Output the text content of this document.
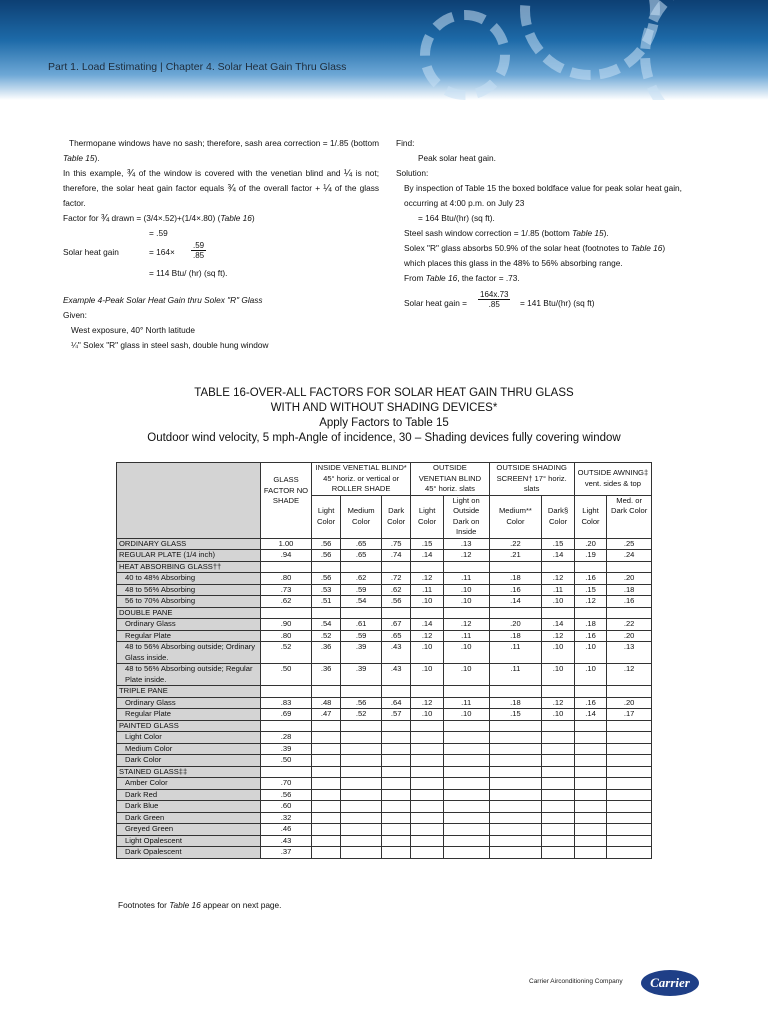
Part 1. Load Estimating | Chapter 4. Solar Heat Gain Thru Glass

Thermopane windows have no sash; therefore, sash area correction = 1/.85 (bottom Table 15).

In this example, ¾ of the window is covered with the venetian blind and ¼ is not; therefore, the solar heat gain factor equals ¾ of the overall factor + ¼ of the glass factor.

Factor for ¾ drawn = (3/4×.52)+(1/4×.80) (Table 16)

= .59

Solar heat gain	= $164\times \frac{.59}{.85}$

= 114 Btu/ (hr) (sq ft).

Example 4-Peak Solar Heat Gain thru Solex "R" Glass

Given:

West exposure, 40° North latitude

¼" Solex "R" glass in steel sash, double hung window

Find:

Peak solar heat gain.

Solution:

By inspection of Table 15 the boxed boldface value for peak solar heat gain, occurring at 4:00 p.m. on July 23

= 164 Btu/(hr) (sq ft).

Steel sash window correction = 1/.85 (bottom Table 15).

Solex "R" glass absorbs 50.9% of the solar heat (footnotes to Table 16) which places this glass in the 48% to 56% absorbing range.

From Table 16, the factor = .73.

Solar heat gain = $\frac{164x.73}{.85} = 141$ Btu/(hr) (sq ft)

TABLE 16-OVER-ALL FACTORS FOR SOLAR HEAT GAIN THRU GLASS
WITH AND WITHOUT SHADING DEVICES*
Apply Factors to Table 15
Outdoor wind velocity, 5 mph-Angle of incidence, 30 – Shading devices fully covering window
	GLASS FACTOR NO SHADE	INSIDE VENETIAL BLIND* 45° horiz. or vertical or ROLLER SHADE			OUTSIDE VENETIAN BLIND 45° horiz. slats		OUTSIDE SHADING SCREEN† 17° horiz. slats		OUTSIDE AWNING‡ vent. sides & top	
		Light Color	Medium Color	Dark Color	Light Color	Light on Outside Dark on Inside	Medium** Color	Dark§ Color	Light Color	Med. or Dark Color
ORDINARY GLASS	1.00	.56	.65	.75	.15	.13	.22	.15	.20	.25
REGULAR PLATE (1/4 inch)	.94	.56	.65	.74	.14	.12	.21	.14	.19	.24
HEAT ABSORBING GLASS††										
40 to 48% Absorbing	.80	.56	.62	.72	.12	.11	.18	.12	.16	.20
48 to 56% Absorbing	.73	.53	.59	.62	.11	.10	.16	.11	.15	.18
56 to 70% Absorbing	.62	.51	.54	.56	.10	.10	.14	.10	.12	.16
DOUBLE PANE										
Ordinary Glass	.90	.54	.61	.67	.14	.12	.20	.14	.18	.22
Regular Plate	.80	.52	.59	.65	.12	.11	.18	.12	.16	.20
48 to 56% Absorbing outside; Ordinary Glass inside.	.52	.36	.39	.43	.10	.10	.11	.10	.10	.13
48 to 56% Absorbing outside; Regular Plate inside.	.50	.36	.39	.43	.10	.10	.11	.10	.10	.12
TRIPLE PANE										
Ordinary Glass	.83	.48	.56	.64	.12	.11	.18	.12	.16	.20
Regular Plate	.69	.47	.52	.57	.10	.10	.15	.10	.14	.17
PAINTED GLASS										
Light Color	.28									
Medium Color	.39									
Dark Color	.50									
STAINED GLASS‡‡										
Amber Color	.70									
Dark Red	.56									
Dark Blue	.60									
Dark Green	.32									
Greyed Green	.46									
Light Opalescent	.43									
Dark Opalescent	.37									
Footnotes for Table 16 appear on next page.
Carrier Airconditioning Company	Carrier
